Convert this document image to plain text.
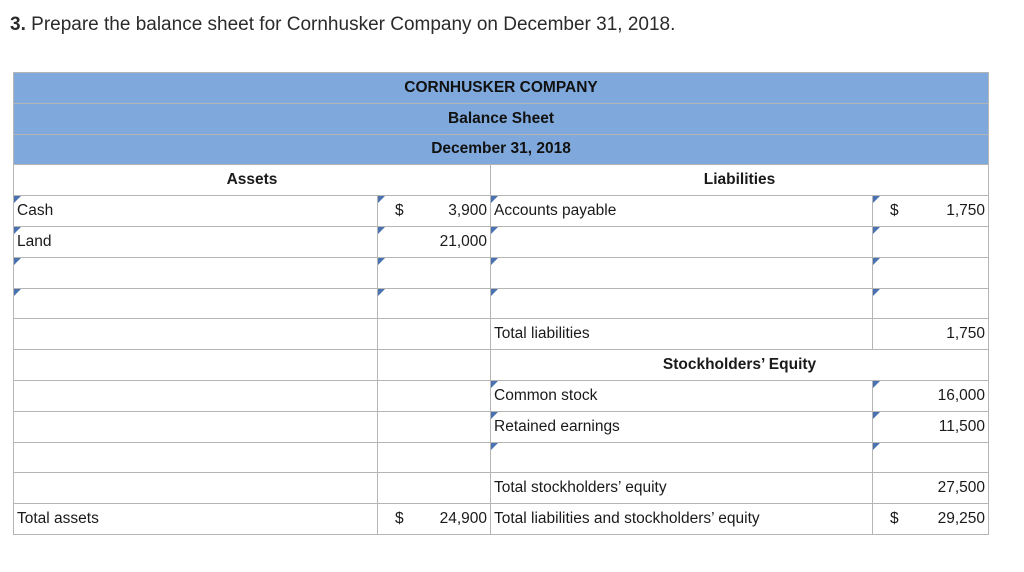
3. Prepare the balance sheet for Cornhusker Company on December 31, 2018.

CORNHUSKER COMPANY			
Balance Sheet			
December 31, 2018			
Assets		Liabilities	
Cash	$ 3,900	Accounts payable	$ 1,750

Land	21,000		

		Total liabilities	1,750
		Stockholders’ Equity	
		Common stock	16,000
		Retained earnings	11,500

		Total stockholders’ equity	27,500
Total assets	$ 24,900	Total liabilities and stockholders’ equity	$ 29,250
